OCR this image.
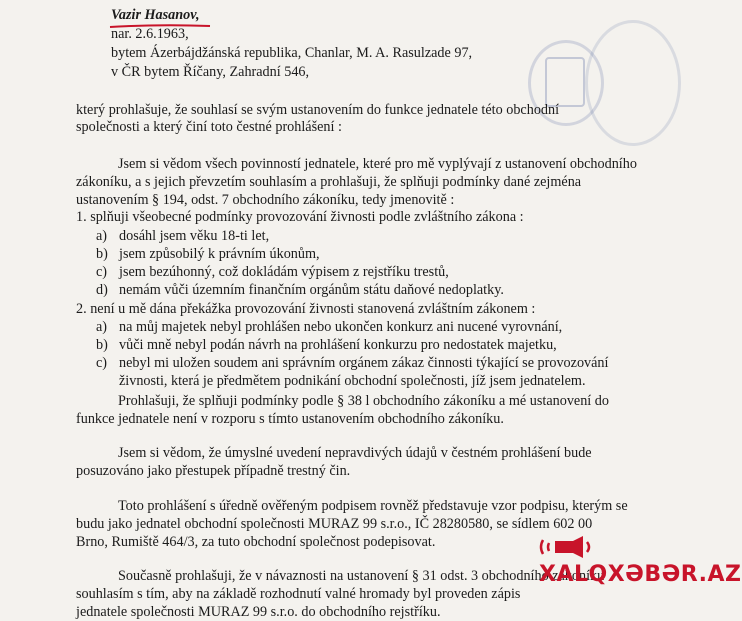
Vazir Hasanov,
nar. 2.6.1963,
bytem Ázerbájdžánská republika, Chanlar, M. A. Rasulzade 97,
v ČR bytem Říčany, Zahradní 546,
který prohlašuje, že souhlasí se svým ustanovením do funkce jednatele této obchodní
společnosti a který činí toto čestné prohlášení :
Jsem si vědom všech povinností jednatele, které pro mě vyplývají z ustanovení obchodního
zákoníku, a s jejich převzetím souhlasím a prohlašuji, že splňuji podmínky dané zejména
ustanovením § 194, odst. 7 obchodního zákoníku, tedy jmenovitě :
1. splňuji všeobecné podmínky provozování živnosti podle zvláštního zákona :
a) dosáhl jsem věku 18-ti let,
b) jsem způsobilý k právním úkonům,
c) jsem bezúhonný, což dokládám výpisem z rejstříku trestů,
d) nemám vůči územním finančním orgánům státu daňové nedoplatky.
2. není u mě dána překážka provozování živnosti stanovená zvláštním zákonem :
a) na můj majetek nebyl prohlášen nebo ukončen konkurz ani nucené vyrovnání,
b) vůči mně nebyl podán návrh na prohlášení konkurzu pro nedostatek majetku,
c) nebyl mi uložen soudem ani správním orgánem zákaz činnosti týkající se provozování
živnosti, která je předmětem podnikání obchodní společnosti, jíž jsem jednatelem.
Prohlašuji, že splňuji podmínky podle § 38 l obchodního zákoníku a mé ustanovení do
funkce jednatele není v rozporu s tímto ustanovením obchodního zákoníku.
Jsem si vědom, že úmyslné uvedení nepravdivých údajů v čestném prohlášení bude
posuzováno jako přestupek případně trestný čin.
Toto prohlášení s úředně ověřeným podpisem rovněž představuje vzor podpisu, kterým se
budu jako jednatel obchodní společnosti MURAZ 99 s.r.o., IČ 28280580, se sídlem 602 00
Brno, Rumiště 464/3, za tuto obchodní společnost podepisovat.
Současně prohlašuji, že v návaznosti na ustanovení § 31 odst. 3 obchodního zákoníku
souhlasím s tím, aby na základě rozhodnutí valné hromady byl proveden zápis
jednatele společnosti MURAZ 99 s.r.o. do obchodního rejstříku.
XALQXƏBƏR.AZ
